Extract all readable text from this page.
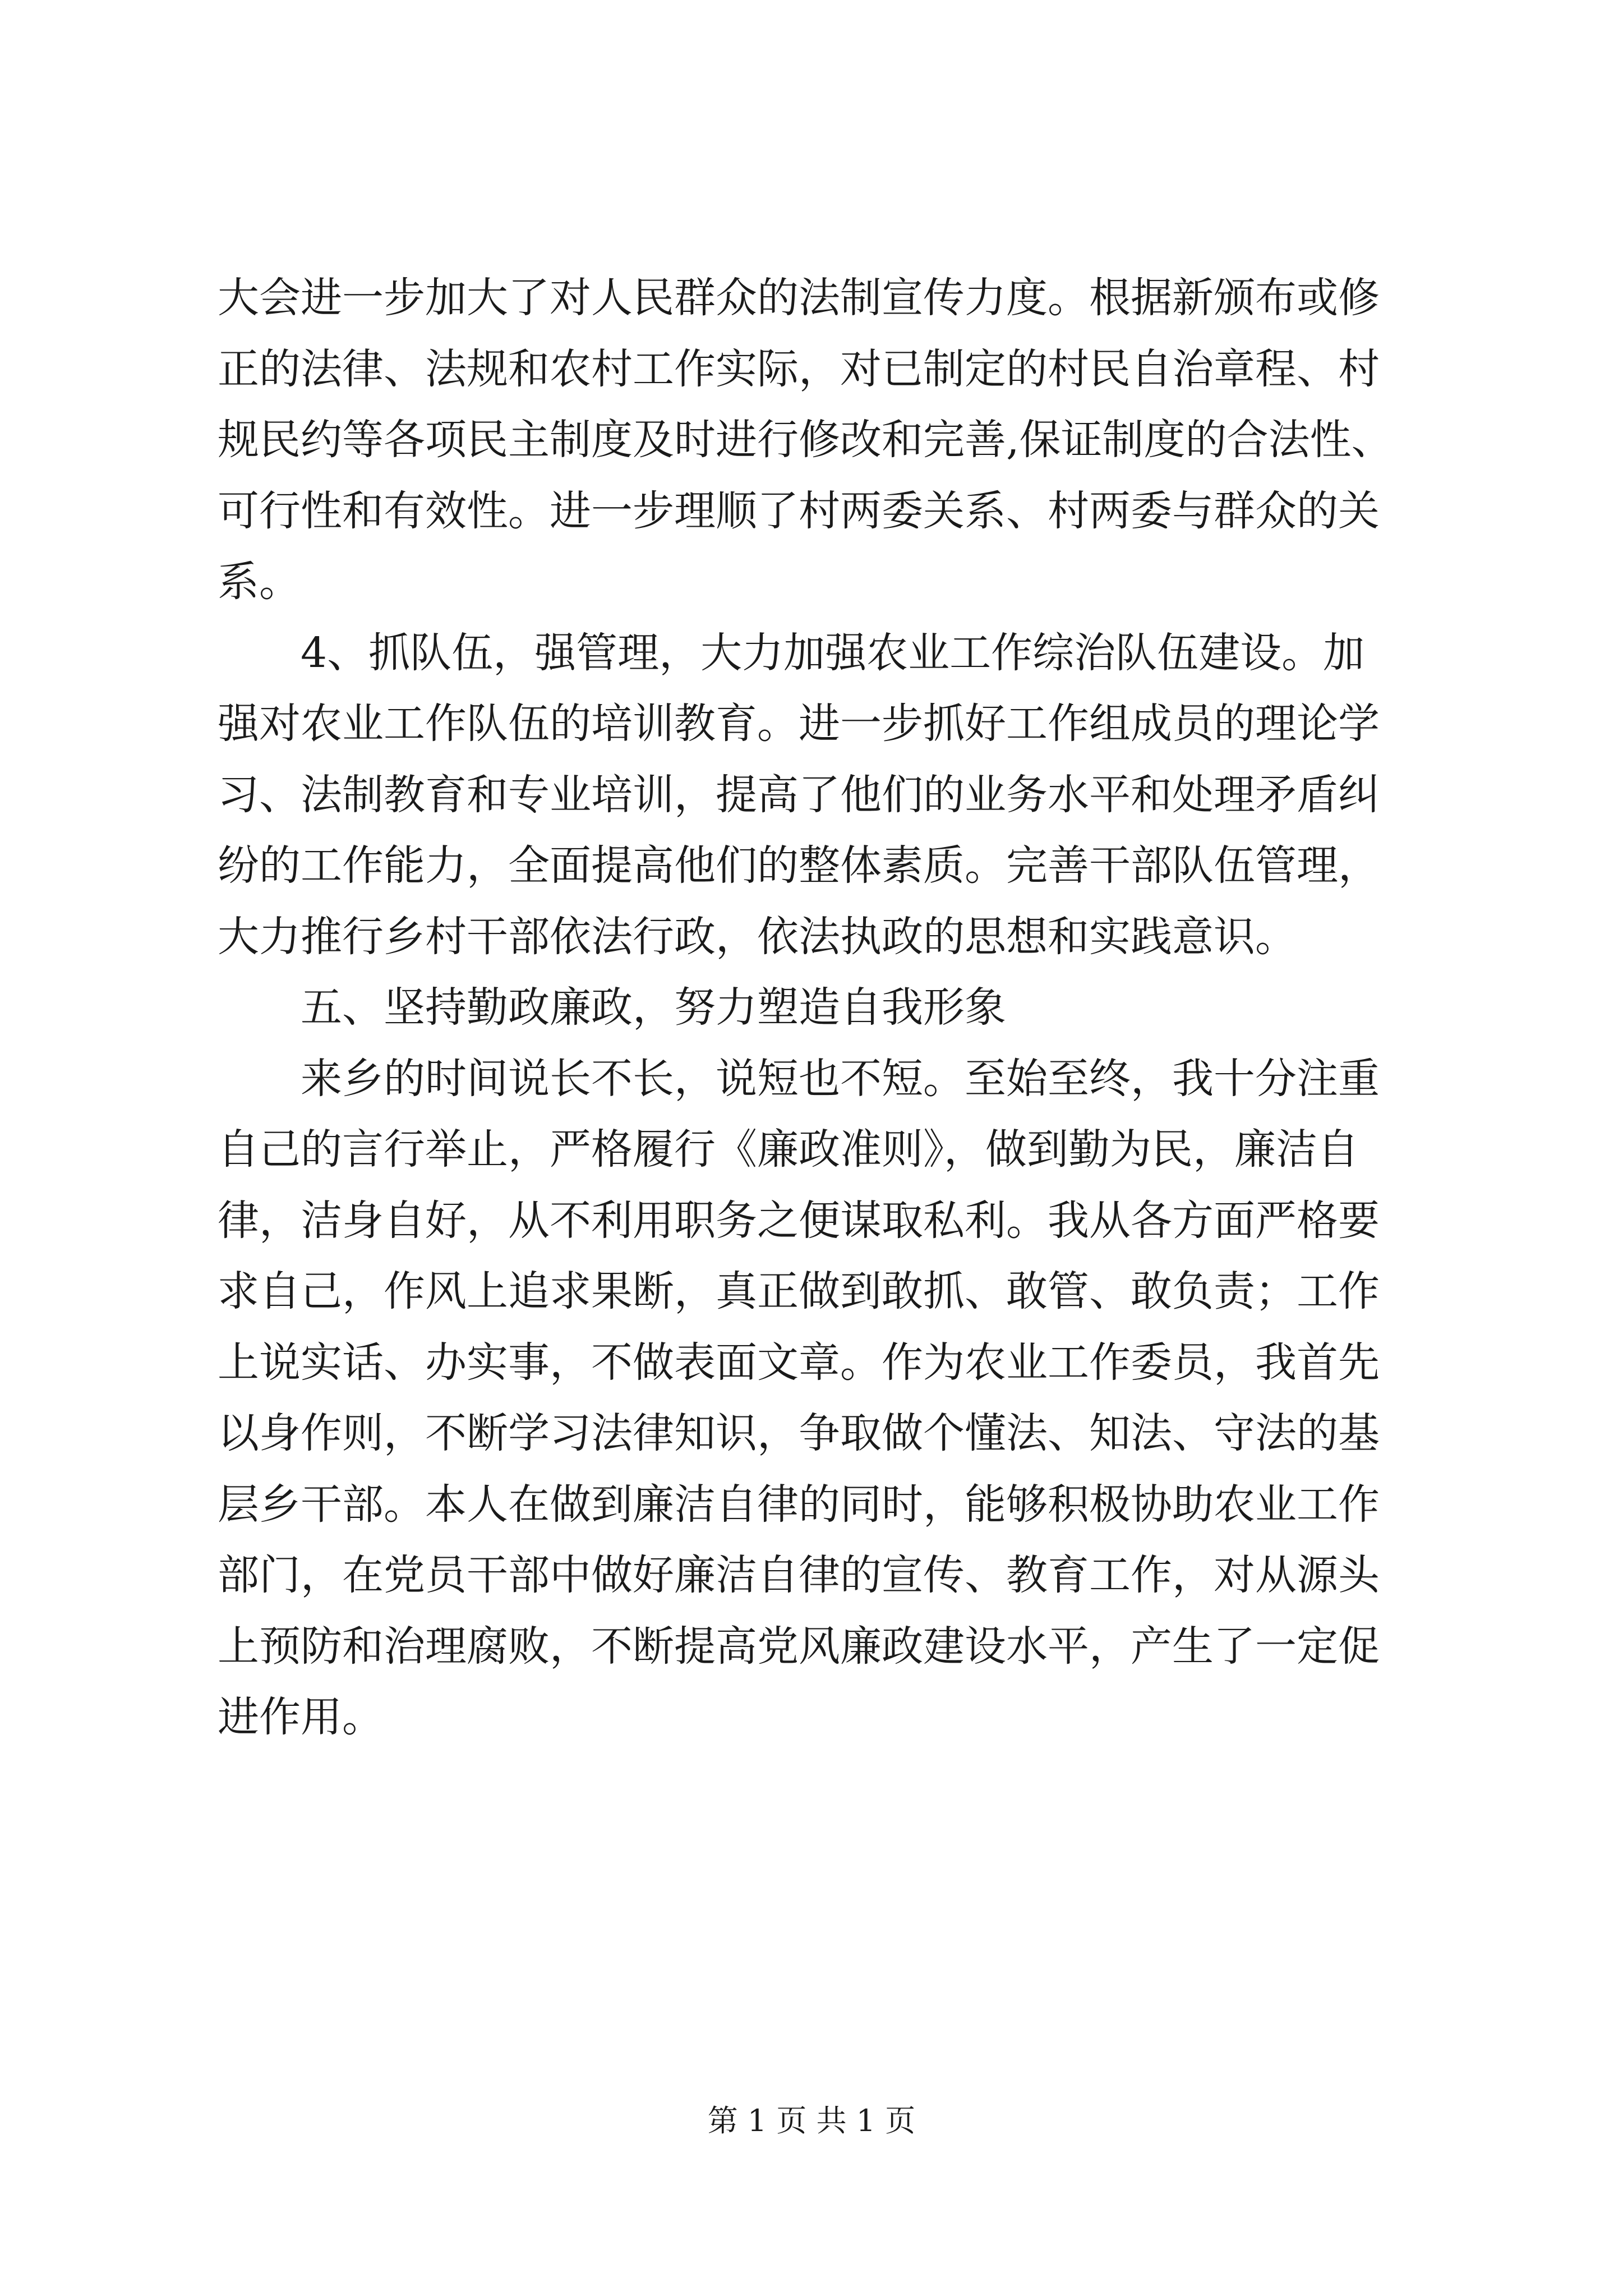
大会进一步加大了对人民群众的法制宣传力度。根据新颁布或修
正的法律、法规和农村工作实际，对已制定的村民自治章程、村
规民约等各项民主制度及时进行修改和完善,保证制度的合法性、
可行性和有效性。进一步理顺了村两委关系、村两委与群众的关
系。
4、抓队伍，强管理，大力加强农业工作综治队伍建设。加
强对农业工作队伍的培训教育。进一步抓好工作组成员的理论学
习、法制教育和专业培训，提高了他们的业务水平和处理矛盾纠
纷的工作能力，全面提高他们的整体素质。完善干部队伍管理，
大力推行乡村干部依法行政，依法执政的思想和实践意识。
五、坚持勤政廉政，努力塑造自我形象
来乡的时间说长不长，说短也不短。至始至终，我十分注重
自己的言行举止，严格履行《廉政准则》，做到勤为民，廉洁自
律，洁身自好，从不利用职务之便谋取私利。我从各方面严格要
求自己，作风上追求果断，真正做到敢抓、敢管、敢负责；工作
上说实话、办实事，不做表面文章。作为农业工作委员，我首先
以身作则，不断学习法律知识，争取做个懂法、知法、守法的基
层乡干部。本人在做到廉洁自律的同时，能够积极协助农业工作
部门，在党员干部中做好廉洁自律的宣传、教育工作，对从源头
上预防和治理腐败，不断提高党风廉政建设水平，产生了一定促
进作用。
第 1 页 共 1 页
